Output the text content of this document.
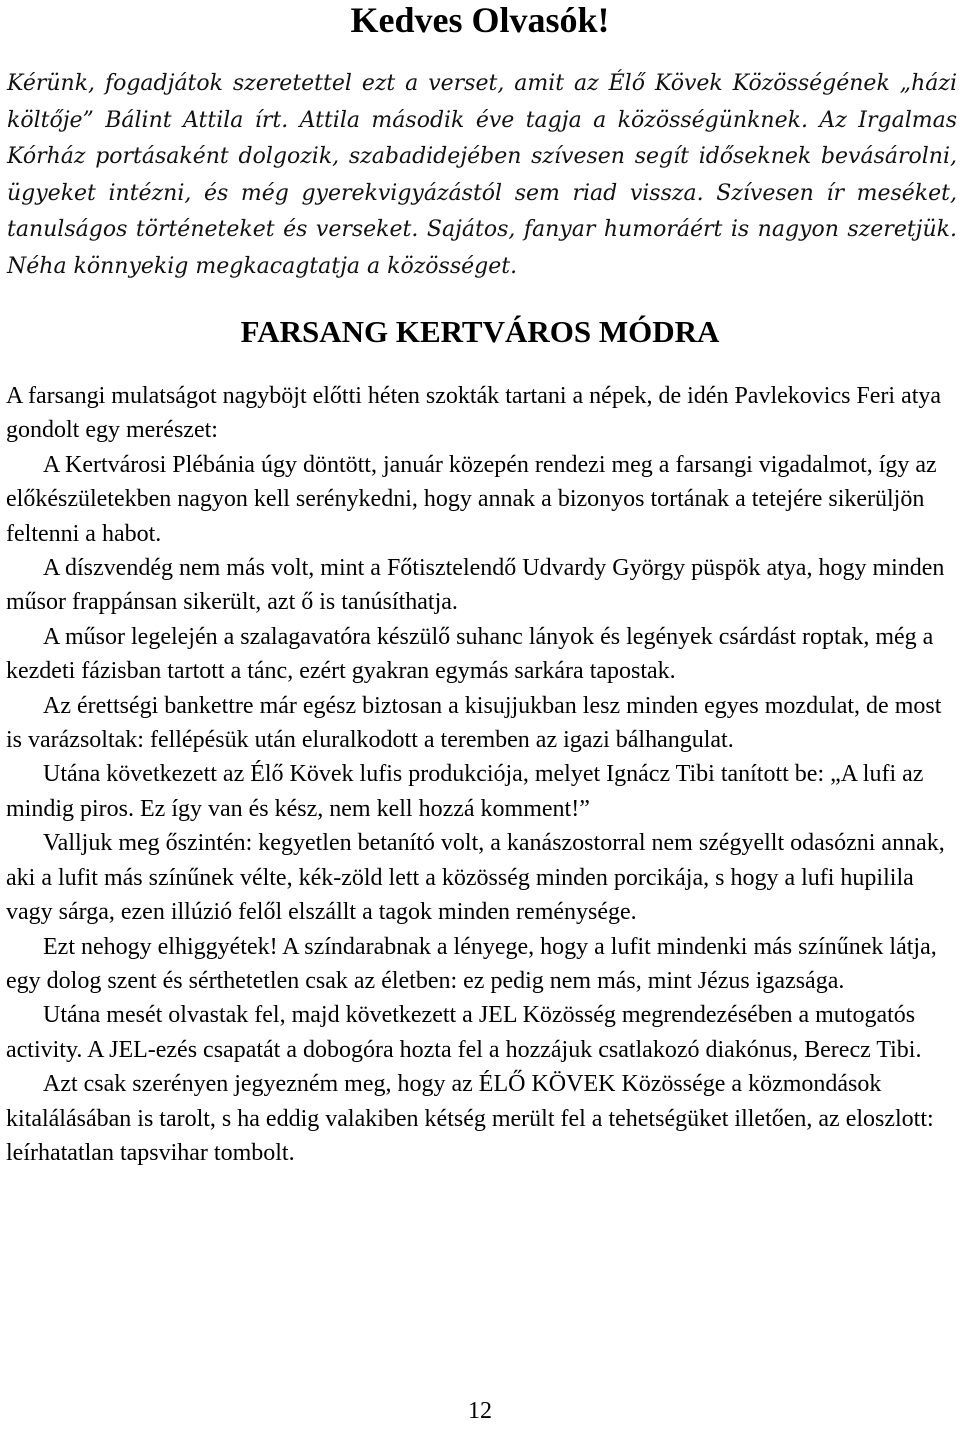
Kedves Olvasók!

Kérünk, fogadjátok szeretettel ezt a verset, amit az Élő Kövek Közösségének „házi költője” Bálint Attila írt. Attila második éve tagja a közösségünknek. Az Irgalmas Kórház portásaként dolgozik, szabadidejében szívesen segít időseknek bevásárolni, ügyeket intézni, és még gyerekvigyázástól sem riad vissza. Szívesen ír meséket, tanulságos történeteket és verseket. Sajátos, fanyar humoráért is nagyon szeretjük. Néha könnyekig megkacagtatja a közösséget.

FARSANG KERTVÁROS MÓDRA

A farsangi mulatságot nagyböjt előtti héten szokták tartani a népek, de idén Pavlekovics Feri atya gondolt egy merészet:

A Kertvárosi Plébánia úgy döntött, január közepén rendezi meg a farsangi vigadalmot, így az előkészületekben nagyon kell serénykedni, hogy annak a bizonyos tortának a tetejére sikerüljön feltenni a habot.

A díszvendég nem más volt, mint a Főtisztelendő Udvardy György püspök atya, hogy minden műsor frappánsan sikerült, azt ő is tanúsíthatja.

A műsor legelején a szalagavatóra készülő suhanc lányok és legények csárdást roptak, még a kezdeti fázisban tartott a tánc, ezért gyakran egymás sarkára tapostak.

Az érettségi bankettre már egész biztosan a kisujjukban lesz minden egyes mozdulat, de most is varázsoltak: fellépésük után eluralkodott a teremben az igazi bálhangulat.

Utána következett az Élő Kövek lufis produkciója, melyet Ignácz Tibi tanított be: „A lufi az mindig piros. Ez így van és kész, nem kell hozzá komment!”

Valljuk meg őszintén: kegyetlen betanító volt, a kanászostorral nem szégyellt odasózni annak, aki a lufit más színűnek vélte, kék-zöld lett a közösség minden porcikája, s hogy a lufi hupilila vagy sárga, ezen illúzió felől elszállt a tagok minden reménysége.

Ezt nehogy elhiggyétek! A színdarabnak a lényege, hogy a lufit mindenki más színűnek látja, egy dolog szent és sérthetetlen csak az életben: ez pedig nem más, mint Jézus igazsága.

Utána mesét olvastak fel, majd következett a JEL Közösség megrendezésében a mutogatós activity. A JEL-ezés csapatát a dobogóra hozta fel a hozzájuk csatlakozó diakónus, Berecz Tibi.

Azt csak szerényen jegyezném meg, hogy az ÉLŐ KÖVEK Közössége a közmondások kitalálásában is tarolt, s ha eddig valakiben kétség merült fel a tehetségüket illetően, az eloszlott: leírhatatlan tapsvihar tombolt.

12
